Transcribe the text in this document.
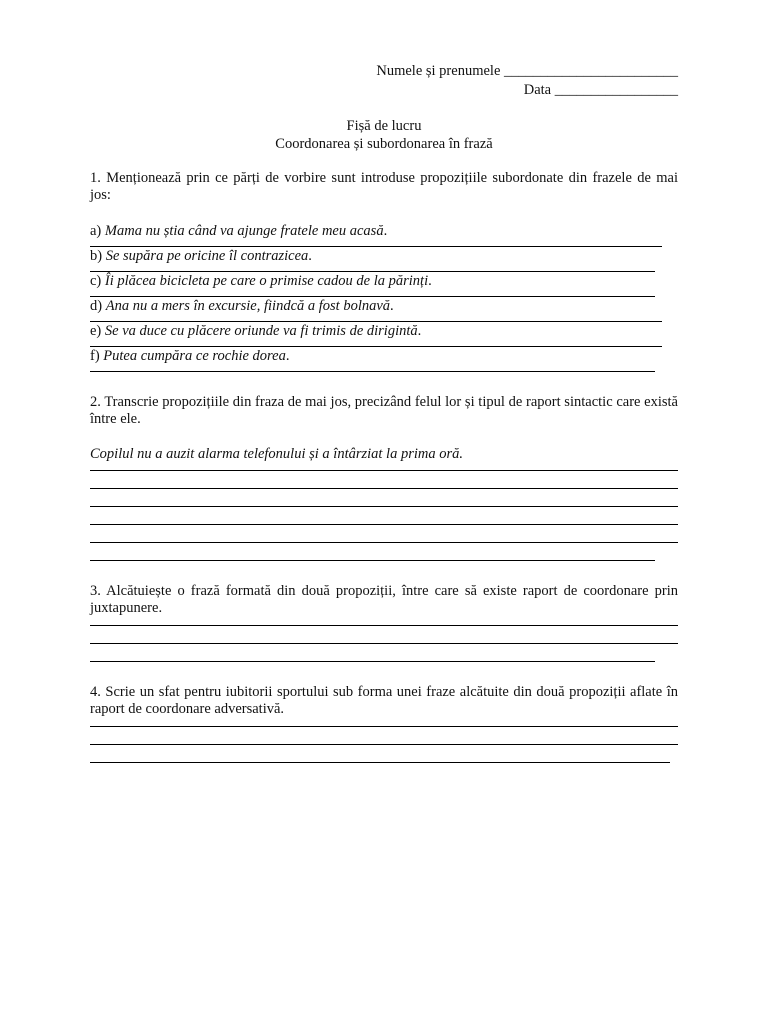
Numele și prenumele ________________________

Data _________________

Fișă de lucru

Coordonarea și subordonarea în frază

1. Menționează prin ce părți de vorbire sunt introduse propozițiile subordonate din frazele de mai jos:

a) Mama nu știa când va ajunge fratele meu acasă.

b) Se supăra pe oricine îl contrazicea.

c) Îi plăcea bicicleta pe care o primise cadou de la părinți.

d) Ana nu a mers în excursie, fiindcă a fost bolnavă.

e) Se va duce cu plăcere oriunde va fi trimis de dirigintă.

f) Putea cumpăra ce rochie dorea.

2. Transcrie propozițiile din fraza de mai jos, precizând felul lor și tipul de raport sintactic care există între ele.

Copilul nu a auzit alarma telefonului și a întârziat la prima oră.

3. Alcătuiește o frază formată din două propoziții, între care să existe raport de coordonare prin juxtapunere.

4. Scrie un sfat pentru iubitorii sportului sub forma unei fraze alcătuite din două propoziții aflate în raport de coordonare adversativă.
